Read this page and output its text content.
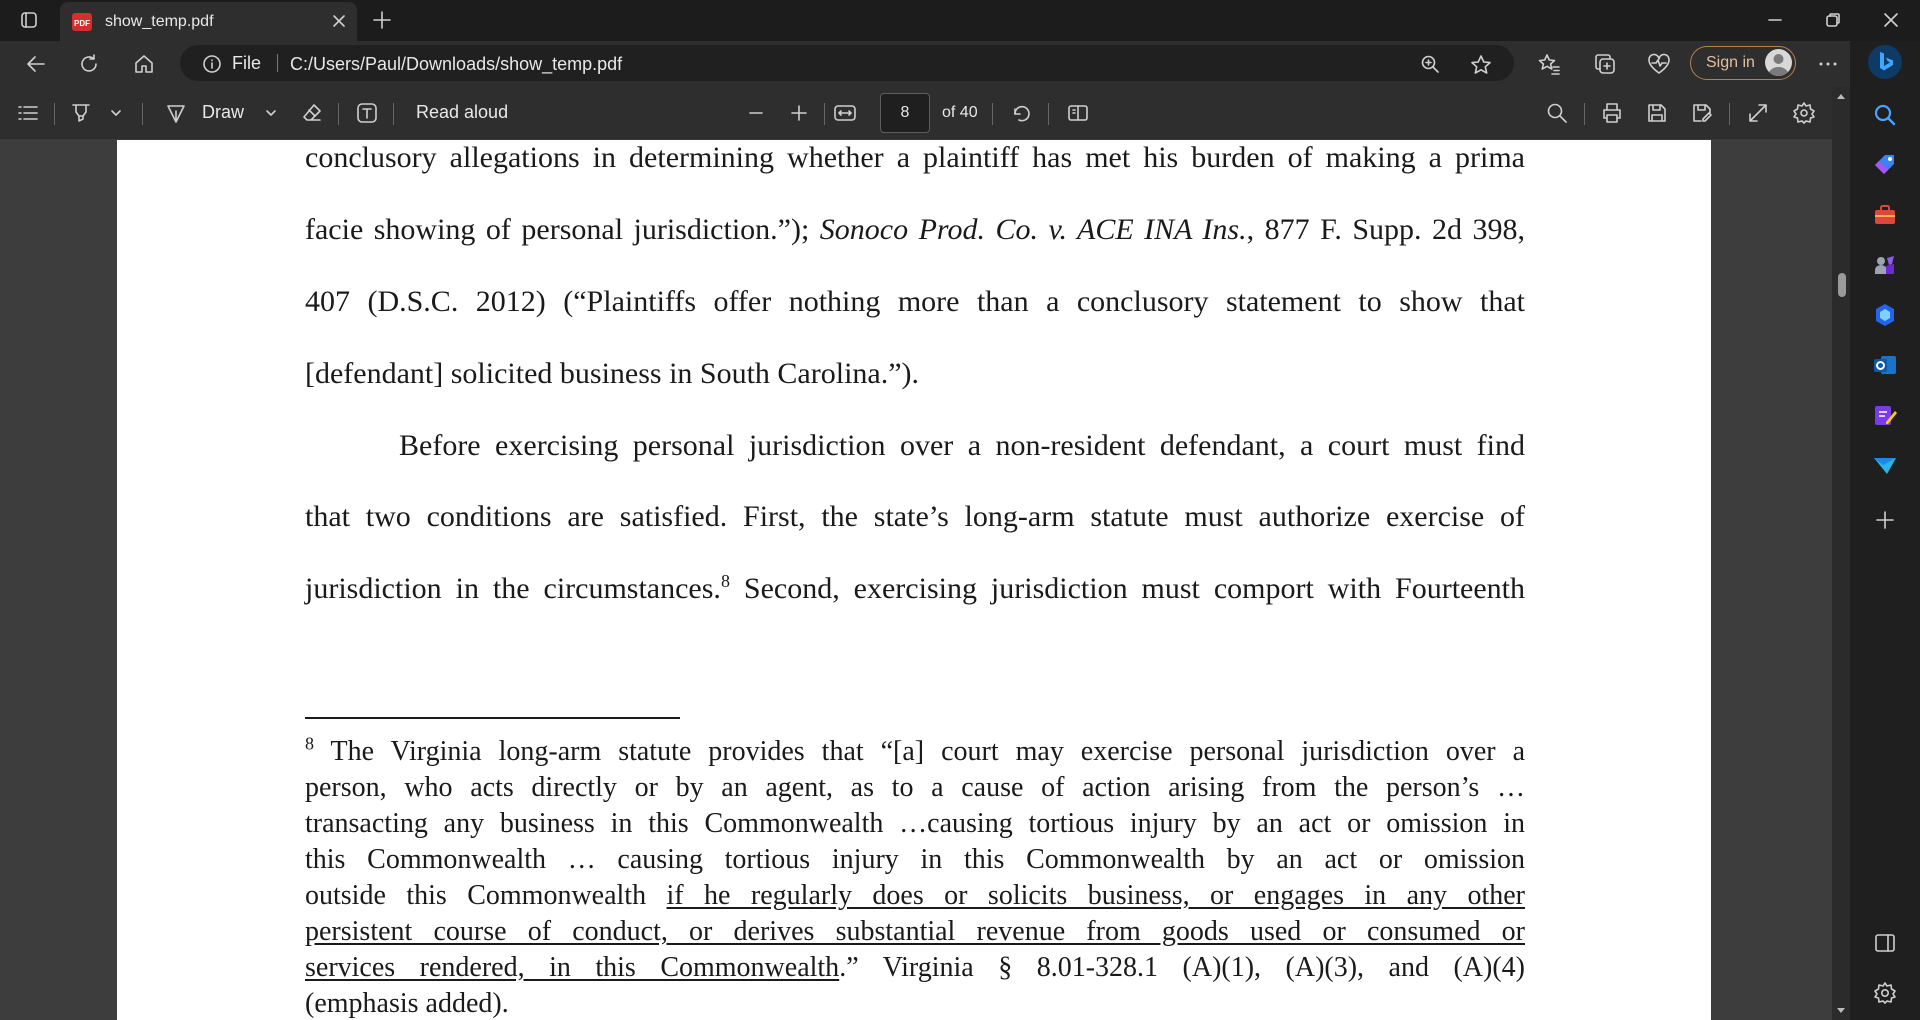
PDF show_temp.pdf
File C:/Users/Paul/Downloads/show_temp.pdf	Sign in
Draw	Read aloud	8	of 40
conclusory allegations in determining whether a plaintiff has met his burden of making a prima
facie showing of personal jurisdiction.”); Sonoco Prod. Co. v. ACE INA Ins., 877 F. Supp. 2d 398,
407 (D.S.C. 2012) (“Plaintiffs offer nothing more than a conclusory statement to show that
[defendant] solicited business in South Carolina.”).
Before exercising personal jurisdiction over a non-resident defendant, a court must find
that two conditions are satisfied. First, the state’s long-arm statute must authorize exercise of
jurisdiction in the circumstances.$^8$ Second, exercising jurisdiction must comport with Fourteenth
$^8$ The Virginia long-arm statute provides that “[a] court may exercise personal jurisdiction over a
person, who acts directly or by an agent, as to a cause of action arising from the person’s …
transacting any business in this Commonwealth …causing tortious injury by an act or omission in
this Commonwealth … causing tortious injury in this Commonwealth by an act or omission
outside this Commonwealth if he regularly does or solicits business, or engages in any other
persistent course of conduct, or derives substantial revenue from goods used or consumed or
services rendered, in this Commonwealth.” Virginia § 8.01-328.1 (A)(1), (A)(3), and (A)(4)
(emphasis added).
